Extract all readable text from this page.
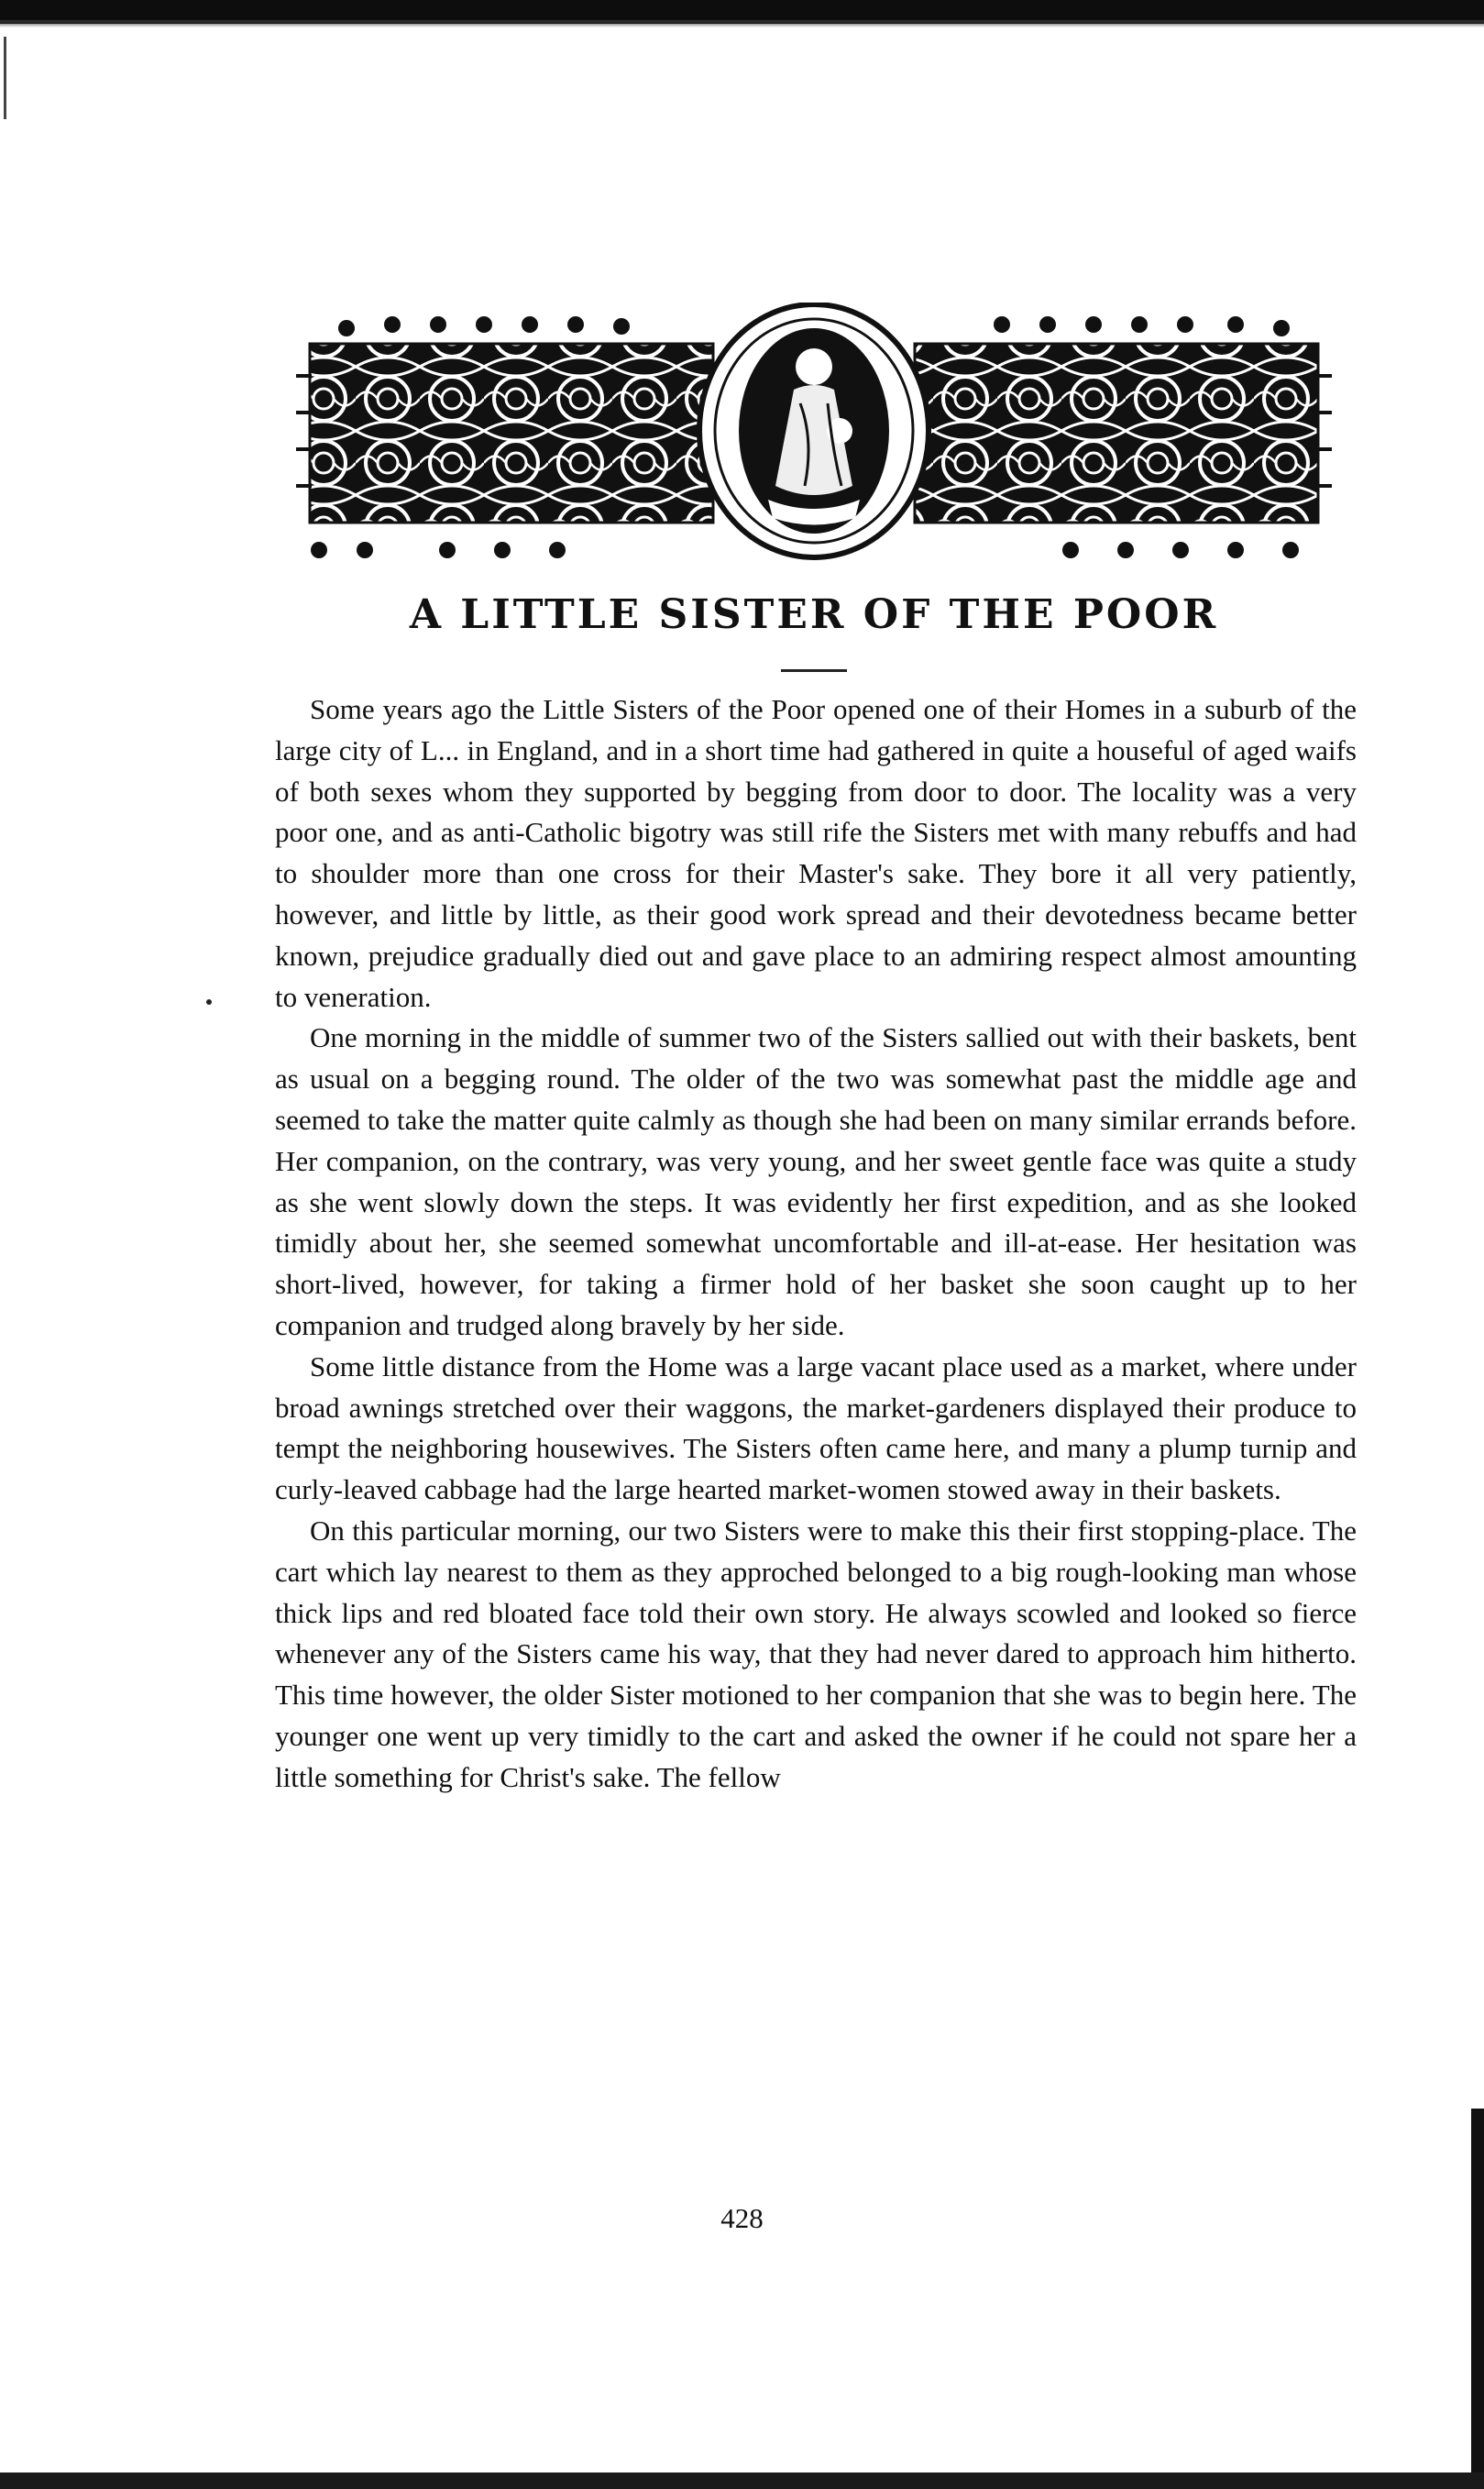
A LITTLE SISTER OF THE POOR

Some years ago the Little Sisters of the Poor opened one of their Homes in a suburb of the large city of L... in England, and in a short time had gathered in quite a houseful of aged waifs of both sexes whom they supported by begging from door to door. The locality was a very poor one, and as anti-Catholic bigotry was still rife the Sisters met with many rebuffs and had to shoulder more than one cross for their Master's sake. They bore it all very patiently, however, and little by little, as their good work spread and their devotedness became better known, prejudice gradually died out and gave place to an admiring respect almost amounting to veneration.

One morning in the middle of summer two of the Sisters sallied out with their baskets, bent as usual on a begging round. The older of the two was somewhat past the middle age and seemed to take the matter quite calmly as though she had been on many similar errands before. Her companion, on the contrary, was very young, and her sweet gentle face was quite a study as she went slowly down the steps. It was evidently her first expedition, and as she looked timidly about her, she seemed somewhat uncomfortable and ill-at-ease. Her hesitation was short-lived, however, for taking a firmer hold of her basket she soon caught up to her companion and trudged along bravely by her side.

Some little distance from the Home was a large vacant place used as a market, where under broad awnings stretched over their waggons, the market-gardeners displayed their produce to tempt the neighboring housewives. The Sisters often came here, and many a plump turnip and curly-leaved cabbage had the large hearted market-women stowed away in their baskets.

On this particular morning, our two Sisters were to make this their first stopping-place. The cart which lay nearest to them as they approched belonged to a big rough-looking man whose thick lips and red bloated face told their own story. He always scowled and looked so fierce whenever any of the Sisters came his way, that they had never dared to approach him hitherto. This time however, the older Sister motioned to her companion that she was to begin here. The younger one went up very timidly to the cart and asked the owner if he could not spare her a little something for Christ's sake. The fellow

428
